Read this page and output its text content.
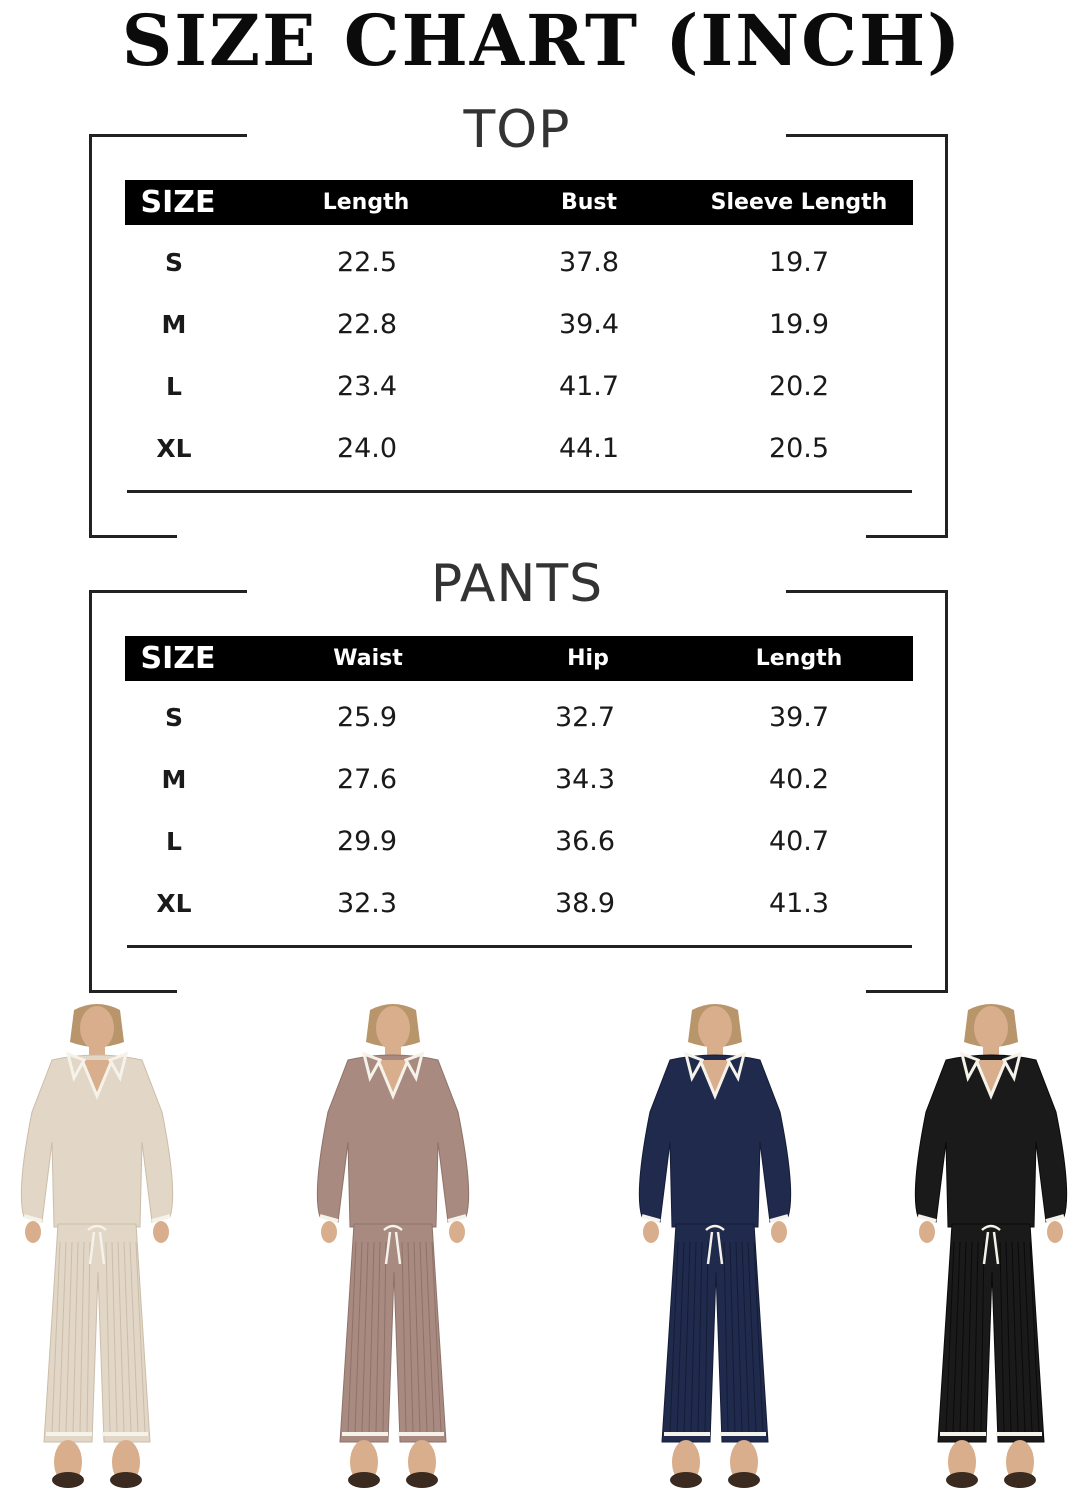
SIZE CHART (INCH)
TOP
SIZE	Length	Bust	Sleeve Length
S	22.5	37.8	19.7
M	22.8	39.4	19.9
L	23.4	41.7	20.2
XL	24.0	44.1	20.5
PANTS
SIZE	Waist	Hip	Length
S	25.9	32.7	39.7
M	27.6	34.3	40.2
L	29.9	36.6	40.7
XL	32.3	38.9	41.3
